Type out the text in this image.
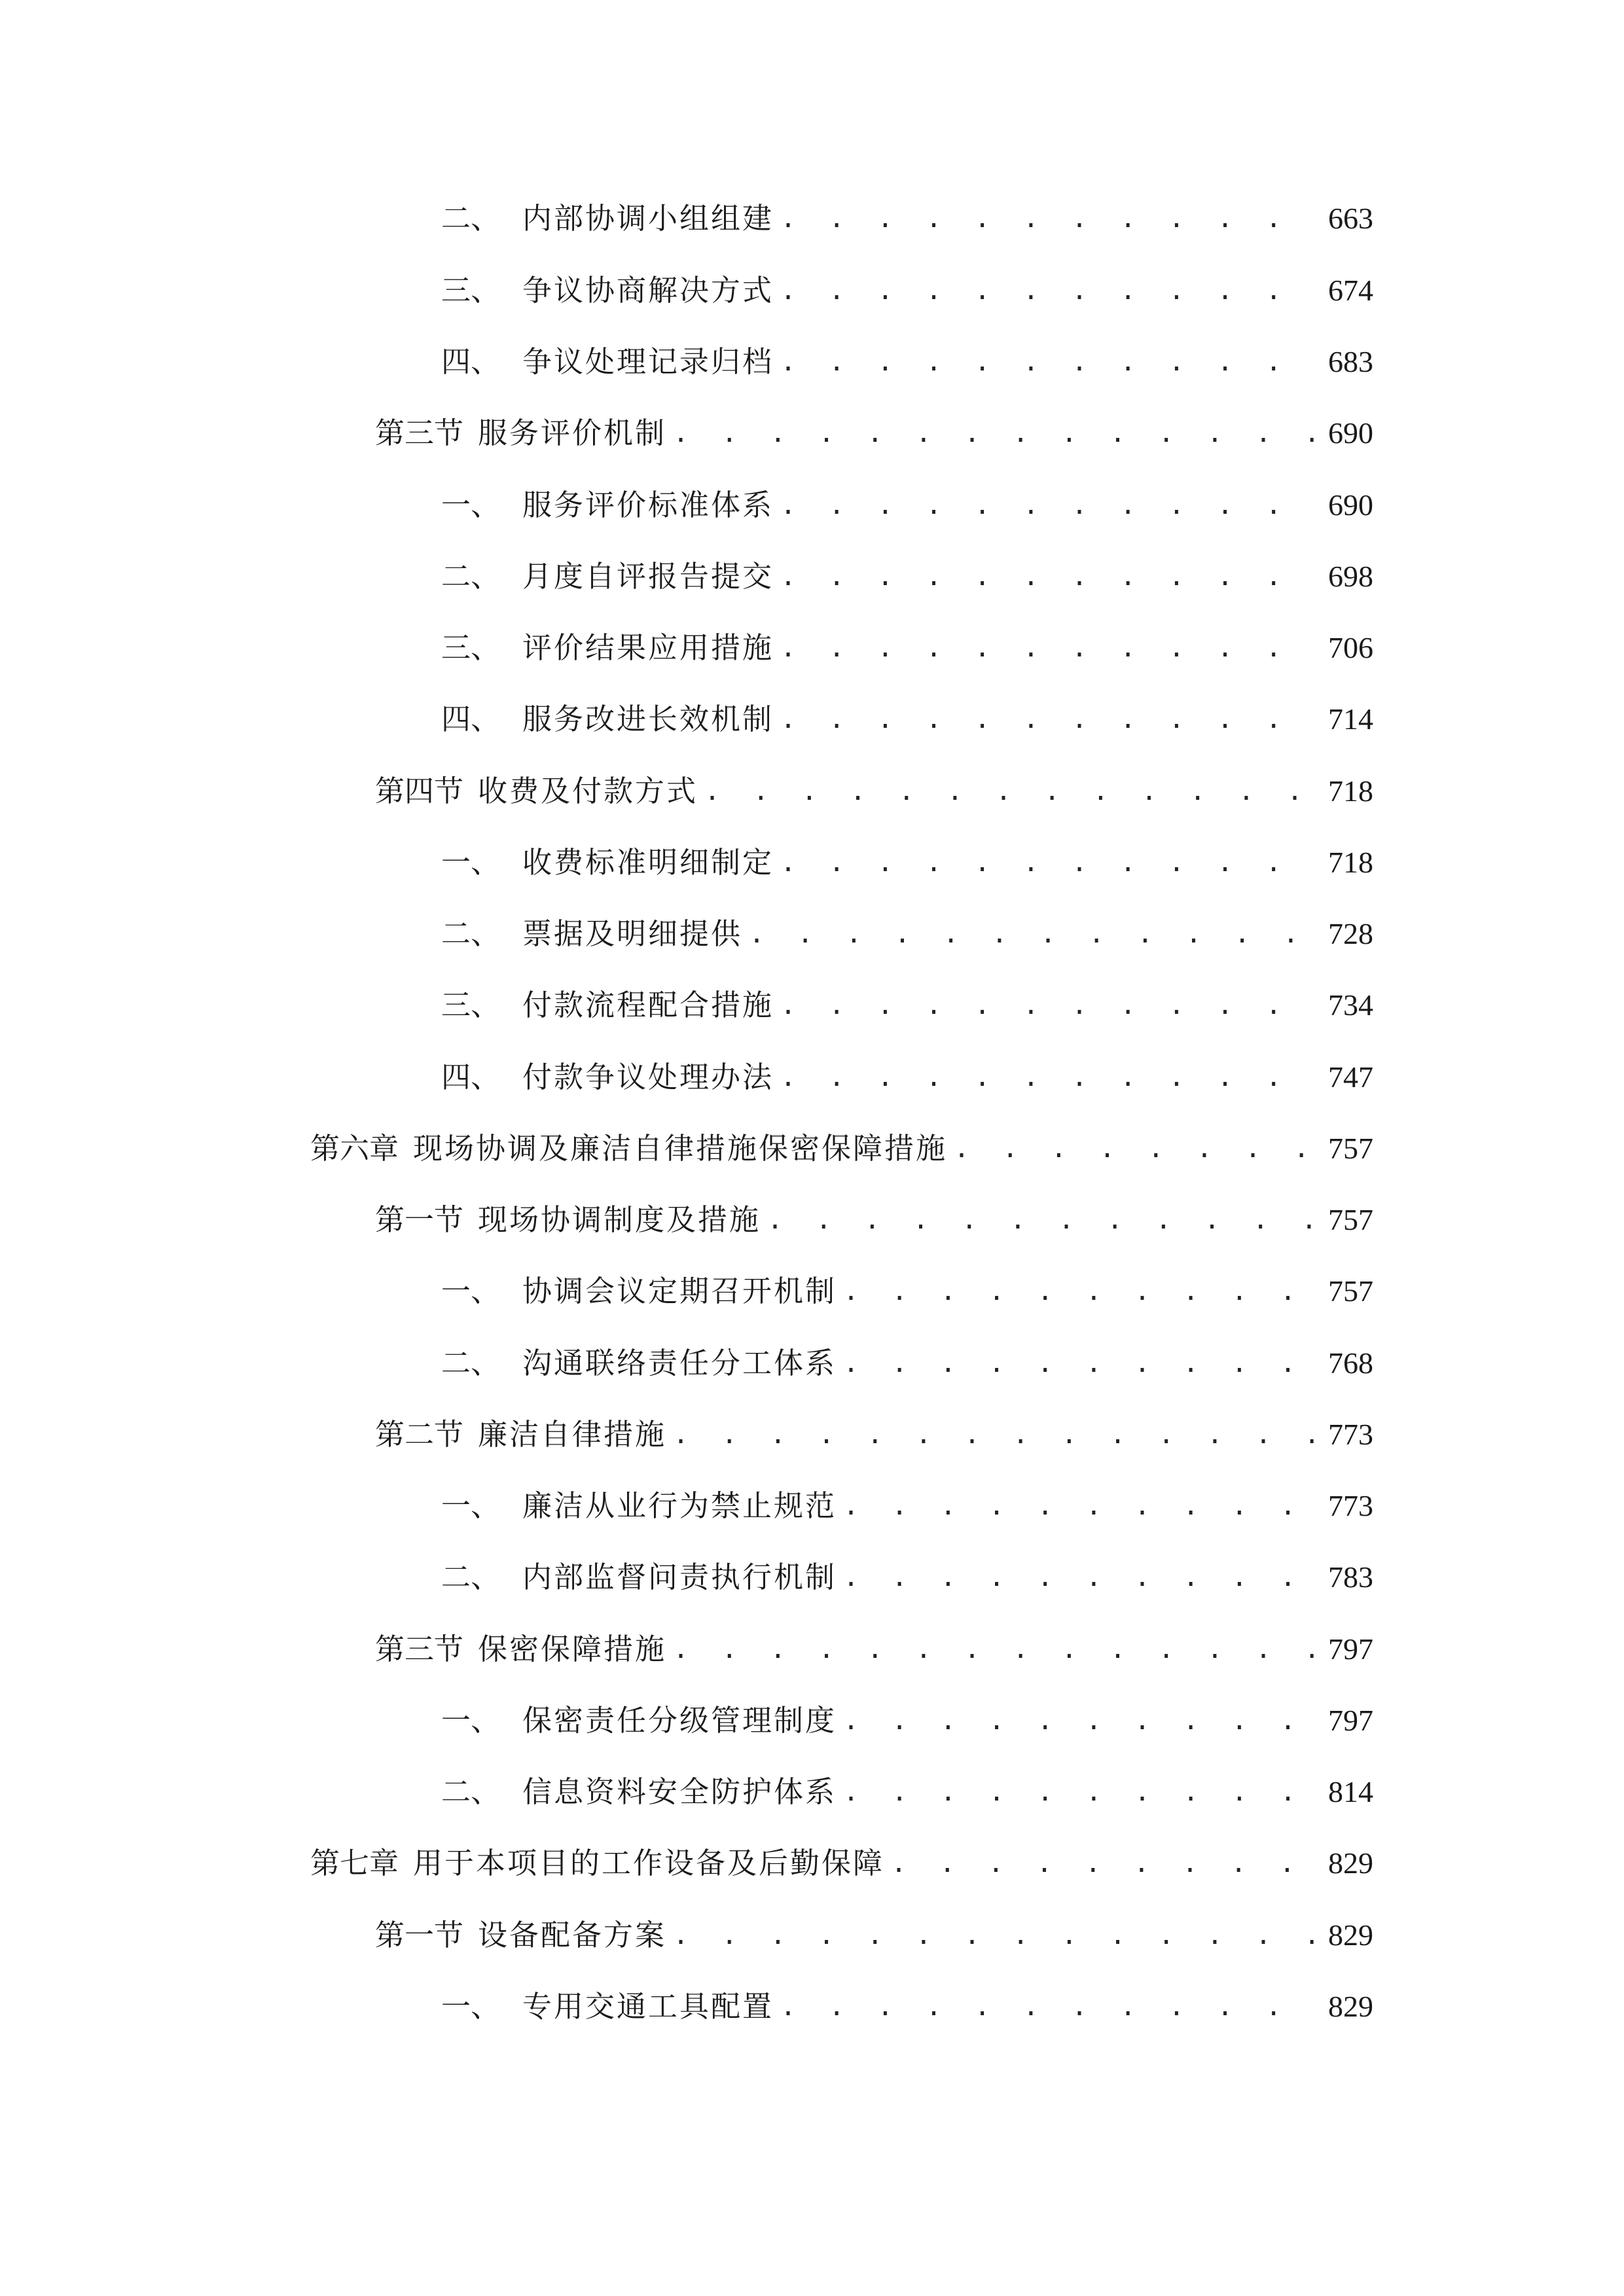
二、 内部协调小组组建 . . .	663
三、 争议协商解决方式 . . .	674
四、 争议处理记录归档 . . .	683
第三节 服务评价机制 . . .	690
一、 服务评价标准体系 . . .	690
二、 月度自评报告提交 . . .	698
三、 评价结果应用措施 . . .	706
四、 服务改进长效机制 . . .	714
第四节 收费及付款方式 . . .	718
一、 收费标准明细制定 . . .	718
二、 票据及明细提供 . . .	728
三、 付款流程配合措施 . . .	734
四、 付款争议处理办法 . . .	747
第六章 现场协调及廉洁自律措施保密保障措施 . . .	757
第一节 现场协调制度及措施 . . .	757
一、 协调会议定期召开机制 . . .	757
二、 沟通联络责任分工体系 . . .	768
第二节 廉洁自律措施 . . .	773
一、 廉洁从业行为禁止规范 . . .	773
二、 内部监督问责执行机制 . . .	783
第三节 保密保障措施 . . .	797
一、 保密责任分级管理制度 . . .	797
二、 信息资料安全防护体系 . . .	814
第七章 用于本项目的工作设备及后勤保障 . . .	829
第一节 设备配备方案 . . .	829
一、 专用交通工具配置 . . .	829
